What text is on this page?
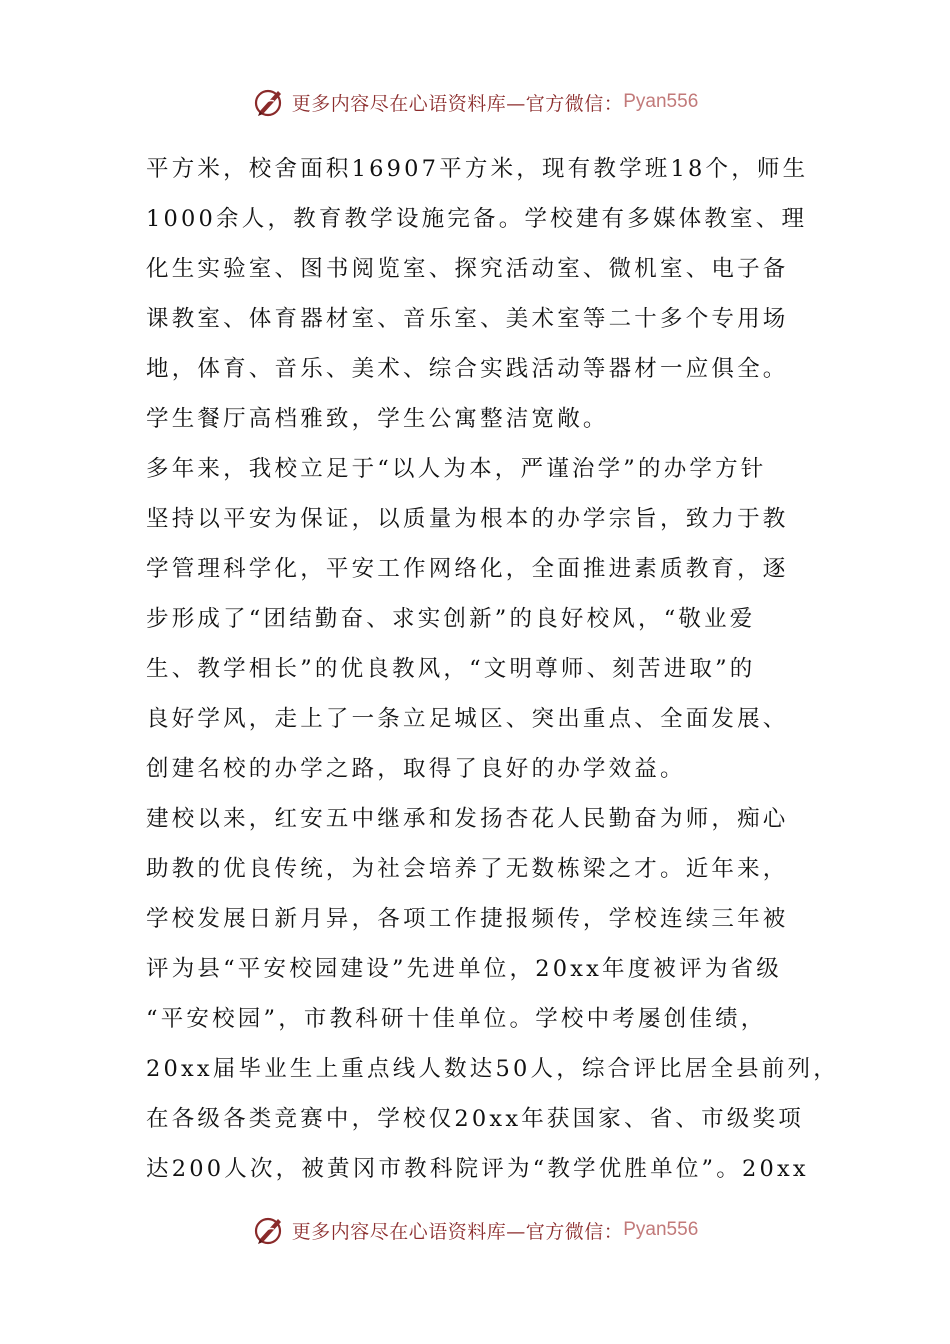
更多内容尽在心语资料库—官方微信： Pyan556
平方米，校舍面积16907平方米，现有教学班18个，师生
1000余人，教育教学设施完备。学校建有多媒体教室、理
化生实验室、图书阅览室、探究活动室、微机室、电子备
课教室、体育器材室、音乐室、美术室等二十多个专用场
地，体育、音乐、美术、综合实践活动等器材一应俱全。
学生餐厅高档雅致，学生公寓整洁宽敞。
多年来，我校立足于“以人为本，严谨治学”的办学方针
坚持以平安为保证，以质量为根本的办学宗旨，致力于教
学管理科学化，平安工作网络化，全面推进素质教育，逐
步形成了“团结勤奋、求实创新”的良好校风，“敬业爱
生、教学相长”的优良教风，“文明尊师、刻苦进取”的
良好学风，走上了一条立足城区、突出重点、全面发展、
创建名校的办学之路，取得了良好的办学效益。
建校以来，红安五中继承和发扬杏花人民勤奋为师，痴心
助教的优良传统，为社会培养了无数栋梁之才。近年来，
学校发展日新月异，各项工作捷报频传，学校连续三年被
评为县“平安校园建设”先进单位，20xx年度被评为省级
“平安校园”，市教科研十佳单位。学校中考屡创佳绩，
20xx届毕业生上重点线人数达50人，综合评比居全县前列，
在各级各类竞赛中，学校仅20xx年获国家、省、市级奖项
达200人次，被黄冈市教科院评为“教学优胜单位”。20xx
更多内容尽在心语资料库—官方微信： Pyan556
